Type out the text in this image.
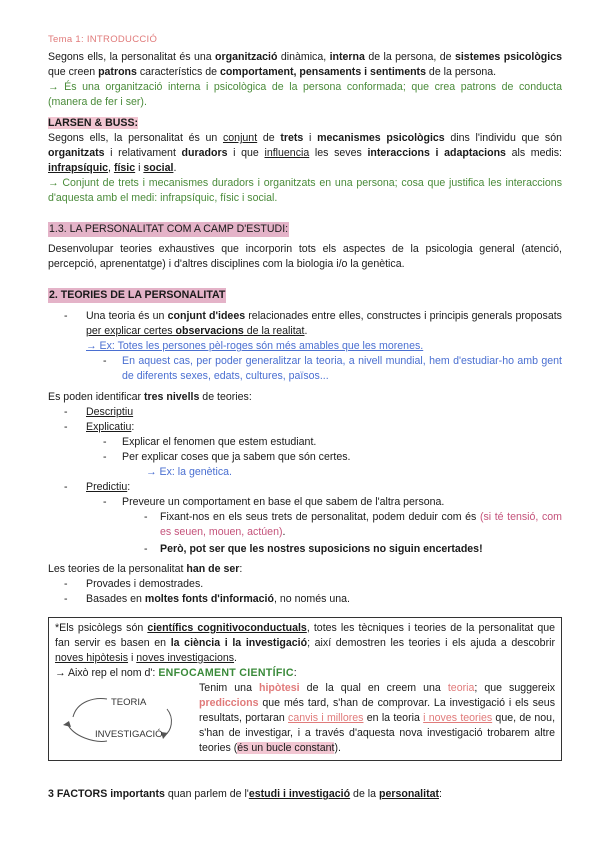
Tema 1: INTRODUCCIÓ

Segons ells, la personalitat és una organització dinàmica, interna de la persona, de sistemes psicològics que creen patrons característics de comportament, pensaments i sentiments de la persona.

→ És una organització interna i psicològica de la persona conformada; que crea patrons de conducta (manera de fer i ser).

LARSEN & BUSS:

Segons ells, la personalitat és un conjunt de trets i mecanismes psicològics dins l'individu que són organitzats i relativament duradors i que influencia les seves interaccions i adaptacions als medis: infrapsíquic, físic i social.

→ Conjunt de trets i mecanismes duradors i organitzats en una persona; cosa que justifica les interaccions d'aquesta amb el medi: infrapsíquic, físic i social.

1.3. LA PERSONALITAT COM A CAMP D'ESTUDI:

Desenvolupar teories exhaustives que incorporin tots els aspectes de la psicologia general (atenció, percepció, aprenentatge) i d'altres disciplines com la biologia i/o la genètica.

2. TEORIES DE LA PERSONALITAT
-	Una teoria és un conjunt d'idees relacionades entre elles, constructes i principis generals proposats per explicar certes observacions de la realitat.

→ Ex: Totes les persones pèl-roges són més amables que les morenes.

-	En aquest cas, per poder generalitzar la teoria, a nivell mundial, hem d'estudiar-ho amb gent de diferents sexes, edats, cultures, països...

Es poden identificar tres nivells de teories:

-	Descriptiu
-	Explicatiu:
-	Explicar el fenomen que estem estudiant.
-	Per explicar coses que ja sabem que són certes.
→ Ex: la genètica.
-	Predictiu:
-	Preveure un comportament en base el que sabem de l'altra persona.
-	Fixant-nos en els seus trets de personalitat, podem deduir com és (si té tensió, com es seuen, mouen, actúen).

-	Però, pot ser que les nostres suposicions no siguin encertades!

Les teories de la personalitat han de ser:

-	Provades i demostrades.
-	Basades en moltes fonts d'informació, no només una.

*Els psicòlegs són científics cognitivoconductuals, totes les tècniques i teories de la personalitat que fan servir es basen en la ciència i la investigació; així demostren les teories i els ajuda a descobrir noves hipòtesis i noves investigacions.

→ Això rep el nom d': ENFOCAMENT CIENTÍFIC:

TEORIA
INVESTIGACIÓ

Tenim una hipòtesi de la qual en creem una teoria; que suggereix prediccions que més tard, s'han de comprovar. La investigació i els seus resultats, portaran canvis i millores en la teoria i noves teories que, de nou, s'han de investigar, i a través d'aquesta nova investigació trobarem altre teories (és un bucle constant).

3 FACTORS importants quan parlem de l'estudi i investigació de la personalitat:
